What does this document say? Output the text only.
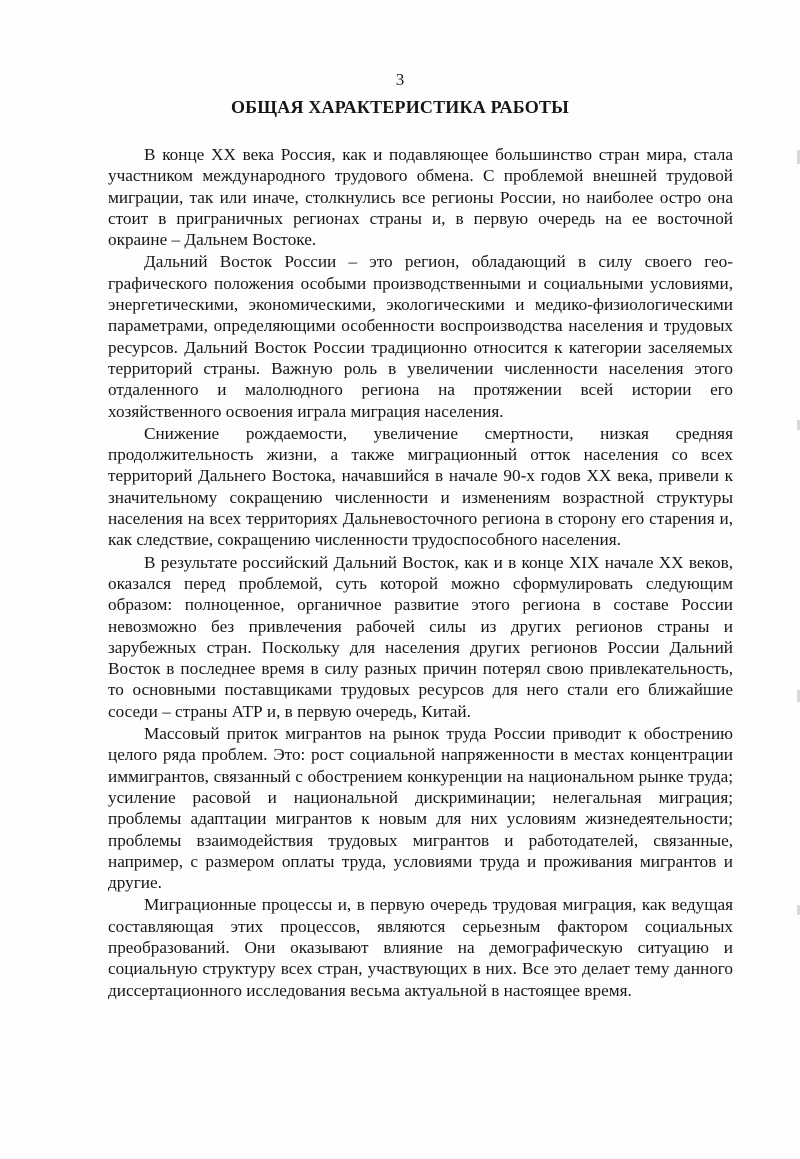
3
ОБЩАЯ ХАРАКТЕРИСТИКА РАБОТЫ

В конце XX века Россия, как и подавляющее большинство стран мира, стала участником международного трудового обмена. С проблемой внешней трудовой миграции, так или иначе, столкнулись все регионы России, но наиболее остро она стоит в приграничных регионах страны и, в первую очередь на ее восточной окраине – Дальнем Востоке.

Дальний Восток России – это регион, обладающий в силу своего географического положения особыми производственными и социальными условиями, энергетическими, экономическими, экологическими и медико-физиологическими параметрами, определяющими особенности воспроизводства населения и трудовых ресурсов. Дальний Восток России традиционно относится к категории заселяемых территорий страны. Важную роль в увеличении численности населения этого отдаленного и малолюдного региона на протяжении всей истории его хозяйственного освоения играла миграция населения.

Снижение рождаемости, увеличение смертности, низкая средняя продолжительность жизни, а также миграционный отток населения со всех территорий Дальнего Востока, начавшийся в начале 90-х годов XX века, привели к значительному сокращению численности и изменениям возрастной структуры населения на всех территориях Дальневосточного региона в сторону его старения и, как следствие, сокращению численности трудоспособного населения.

В результате российский Дальний Восток, как и в конце XIX начале XX веков, оказался перед проблемой, суть которой можно сформулировать следующим образом: полноценное, органичное развитие этого региона в составе России невозможно без привлечения рабочей силы из других регионов страны и зарубежных стран. Поскольку для населения других регионов России Дальний Восток в последнее время в силу разных причин потерял свою привлекательность, то основными поставщиками трудовых ресурсов для него стали его ближайшие соседи – страны АТР и, в первую очередь, Китай.

Массовый приток мигрантов на рынок труда России приводит к обострению целого ряда проблем. Это: рост социальной напряженности в местах концентрации иммигрантов, связанный с обострением конкуренции на национальном рынке труда; усиление расовой и национальной дискриминации; нелегальная миграция; проблемы адаптации мигрантов к новым для них условиям жизнедеятельности; проблемы взаимодействия трудовых мигрантов и работодателей, связанные, например, с размером оплаты труда, условиями труда и проживания мигрантов и другие.

Миграционные процессы и, в первую очередь трудовая миграция, как ведущая составляющая этих процессов, являются серьезным фактором социальных преобразований. Они оказывают влияние на демографическую ситуацию и социальную структуру всех стран, участвующих в них. Все это делает тему данного диссертационного исследования весьма актуальной в настоящее время.
